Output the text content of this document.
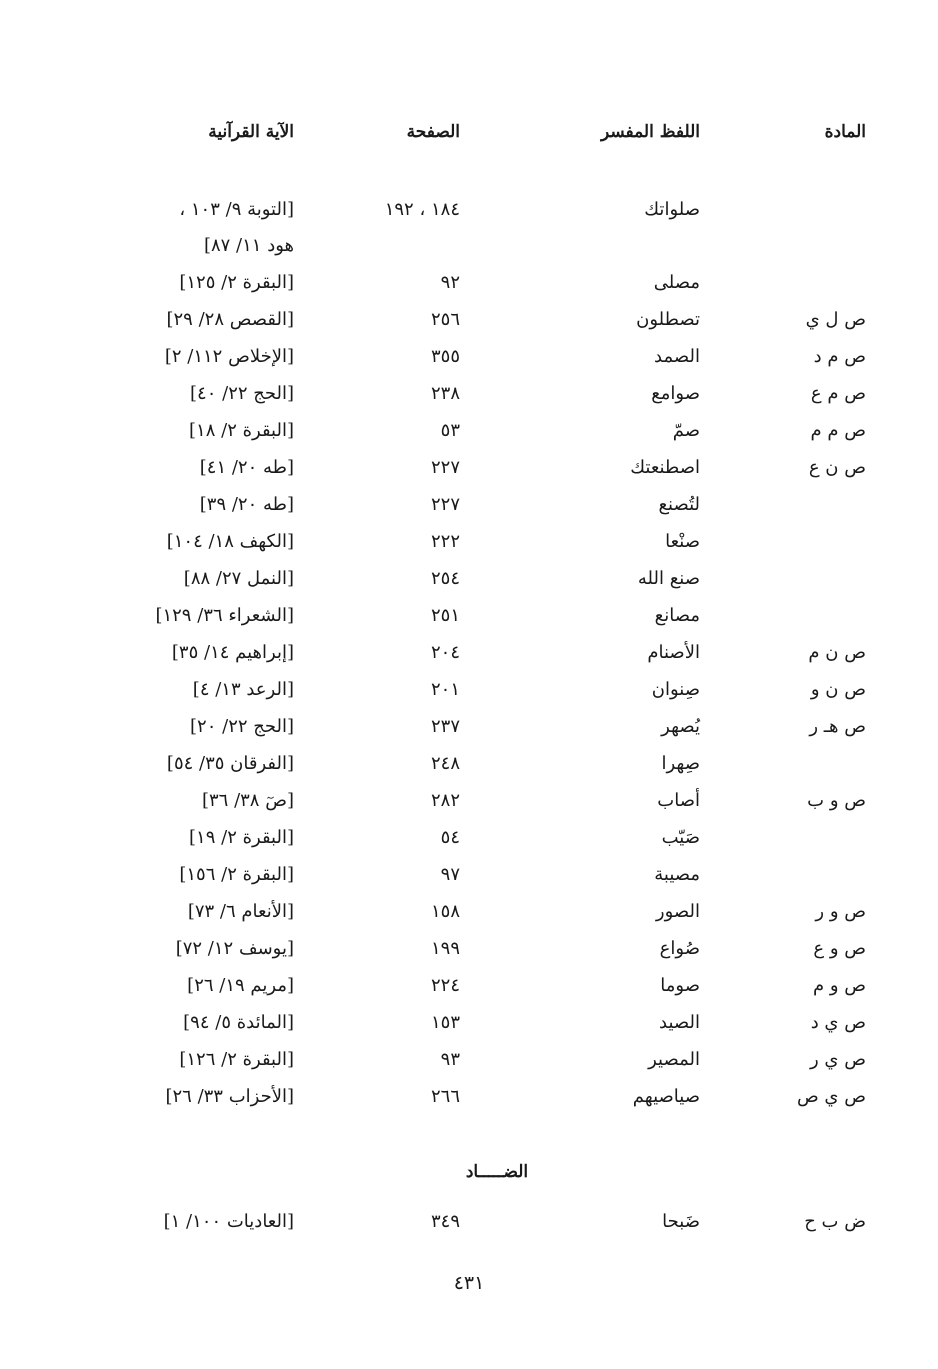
المادة
اللفظ المفسر
الصفحة
الآية القرآنية
صلواتك
١٨٤ ، ١٩٢
[التوبة ٩/ ١٠٣ ،
هود ١١/ ٨٧]
مصلى
٩٢
[البقرة ٢/ ١٢٥]
ص ل ي
تصطلون
٢٥٦
[القصص ٢٨/ ٢٩]
ص م د
الصمد
٣٥٥
[الإخلاص ١١٢/ ٢]
ص م ع
صوامع
٢٣٨
[الحج ٢٢/ ٤٠]
ص م م
صمّ
٥٣
[البقرة ٢/ ١٨]
ص ن ع
اصطنعتك
٢٢٧
[طه ٢٠/ ٤١]
لتُصنع
٢٢٧
[طه ٢٠/ ٣٩]
صنْعا
٢٢٢
[الكهف ١٨/ ١٠٤]
صنع الله
٢٥٤
[النمل ٢٧/ ٨٨]
مصانع
٢٥١
[الشعراء ٣٦/ ١٢٩]
ص ن م
الأصنام
٢٠٤
[إبراهيم ١٤/ ٣٥]
ص ن و
صِنوان
٢٠١
[الرعد ١٣/ ٤]
ص هـ ر
يُصهر
٢٣٧
[الحج ٢٢/ ٢٠]
صِهرا
٢٤٨
[الفرقان ٣٥/ ٥٤]
ص و ب
أصاب
٢٨٢
[صٓ ٣٨/ ٣٦]
صَيّب
٥٤
[البقرة ٢/ ١٩]
مصيبة
٩٧
[البقرة ٢/ ١٥٦]
ص و ر
الصور
١٥٨
[الأنعام ٦/ ٧٣]
ص و ع
صُواع
١٩٩
[يوسف ١٢/ ٧٢]
ص و م
صوما
٢٢٤
[مريم ١٩/ ٢٦]
ص ي د
الصيد
١٥٣
[المائدة ٥/ ٩٤]
ص ي ر
المصير
٩٣
[البقرة ٢/ ١٢٦]
ص ي ص
صياصيهم
٢٦٦
[الأحزاب ٣٣/ ٢٦]
الضـــــاد
ض ب ح
ضَبحا
٣٤٩
[العاديات ١٠٠/ ١]
٤٣١
